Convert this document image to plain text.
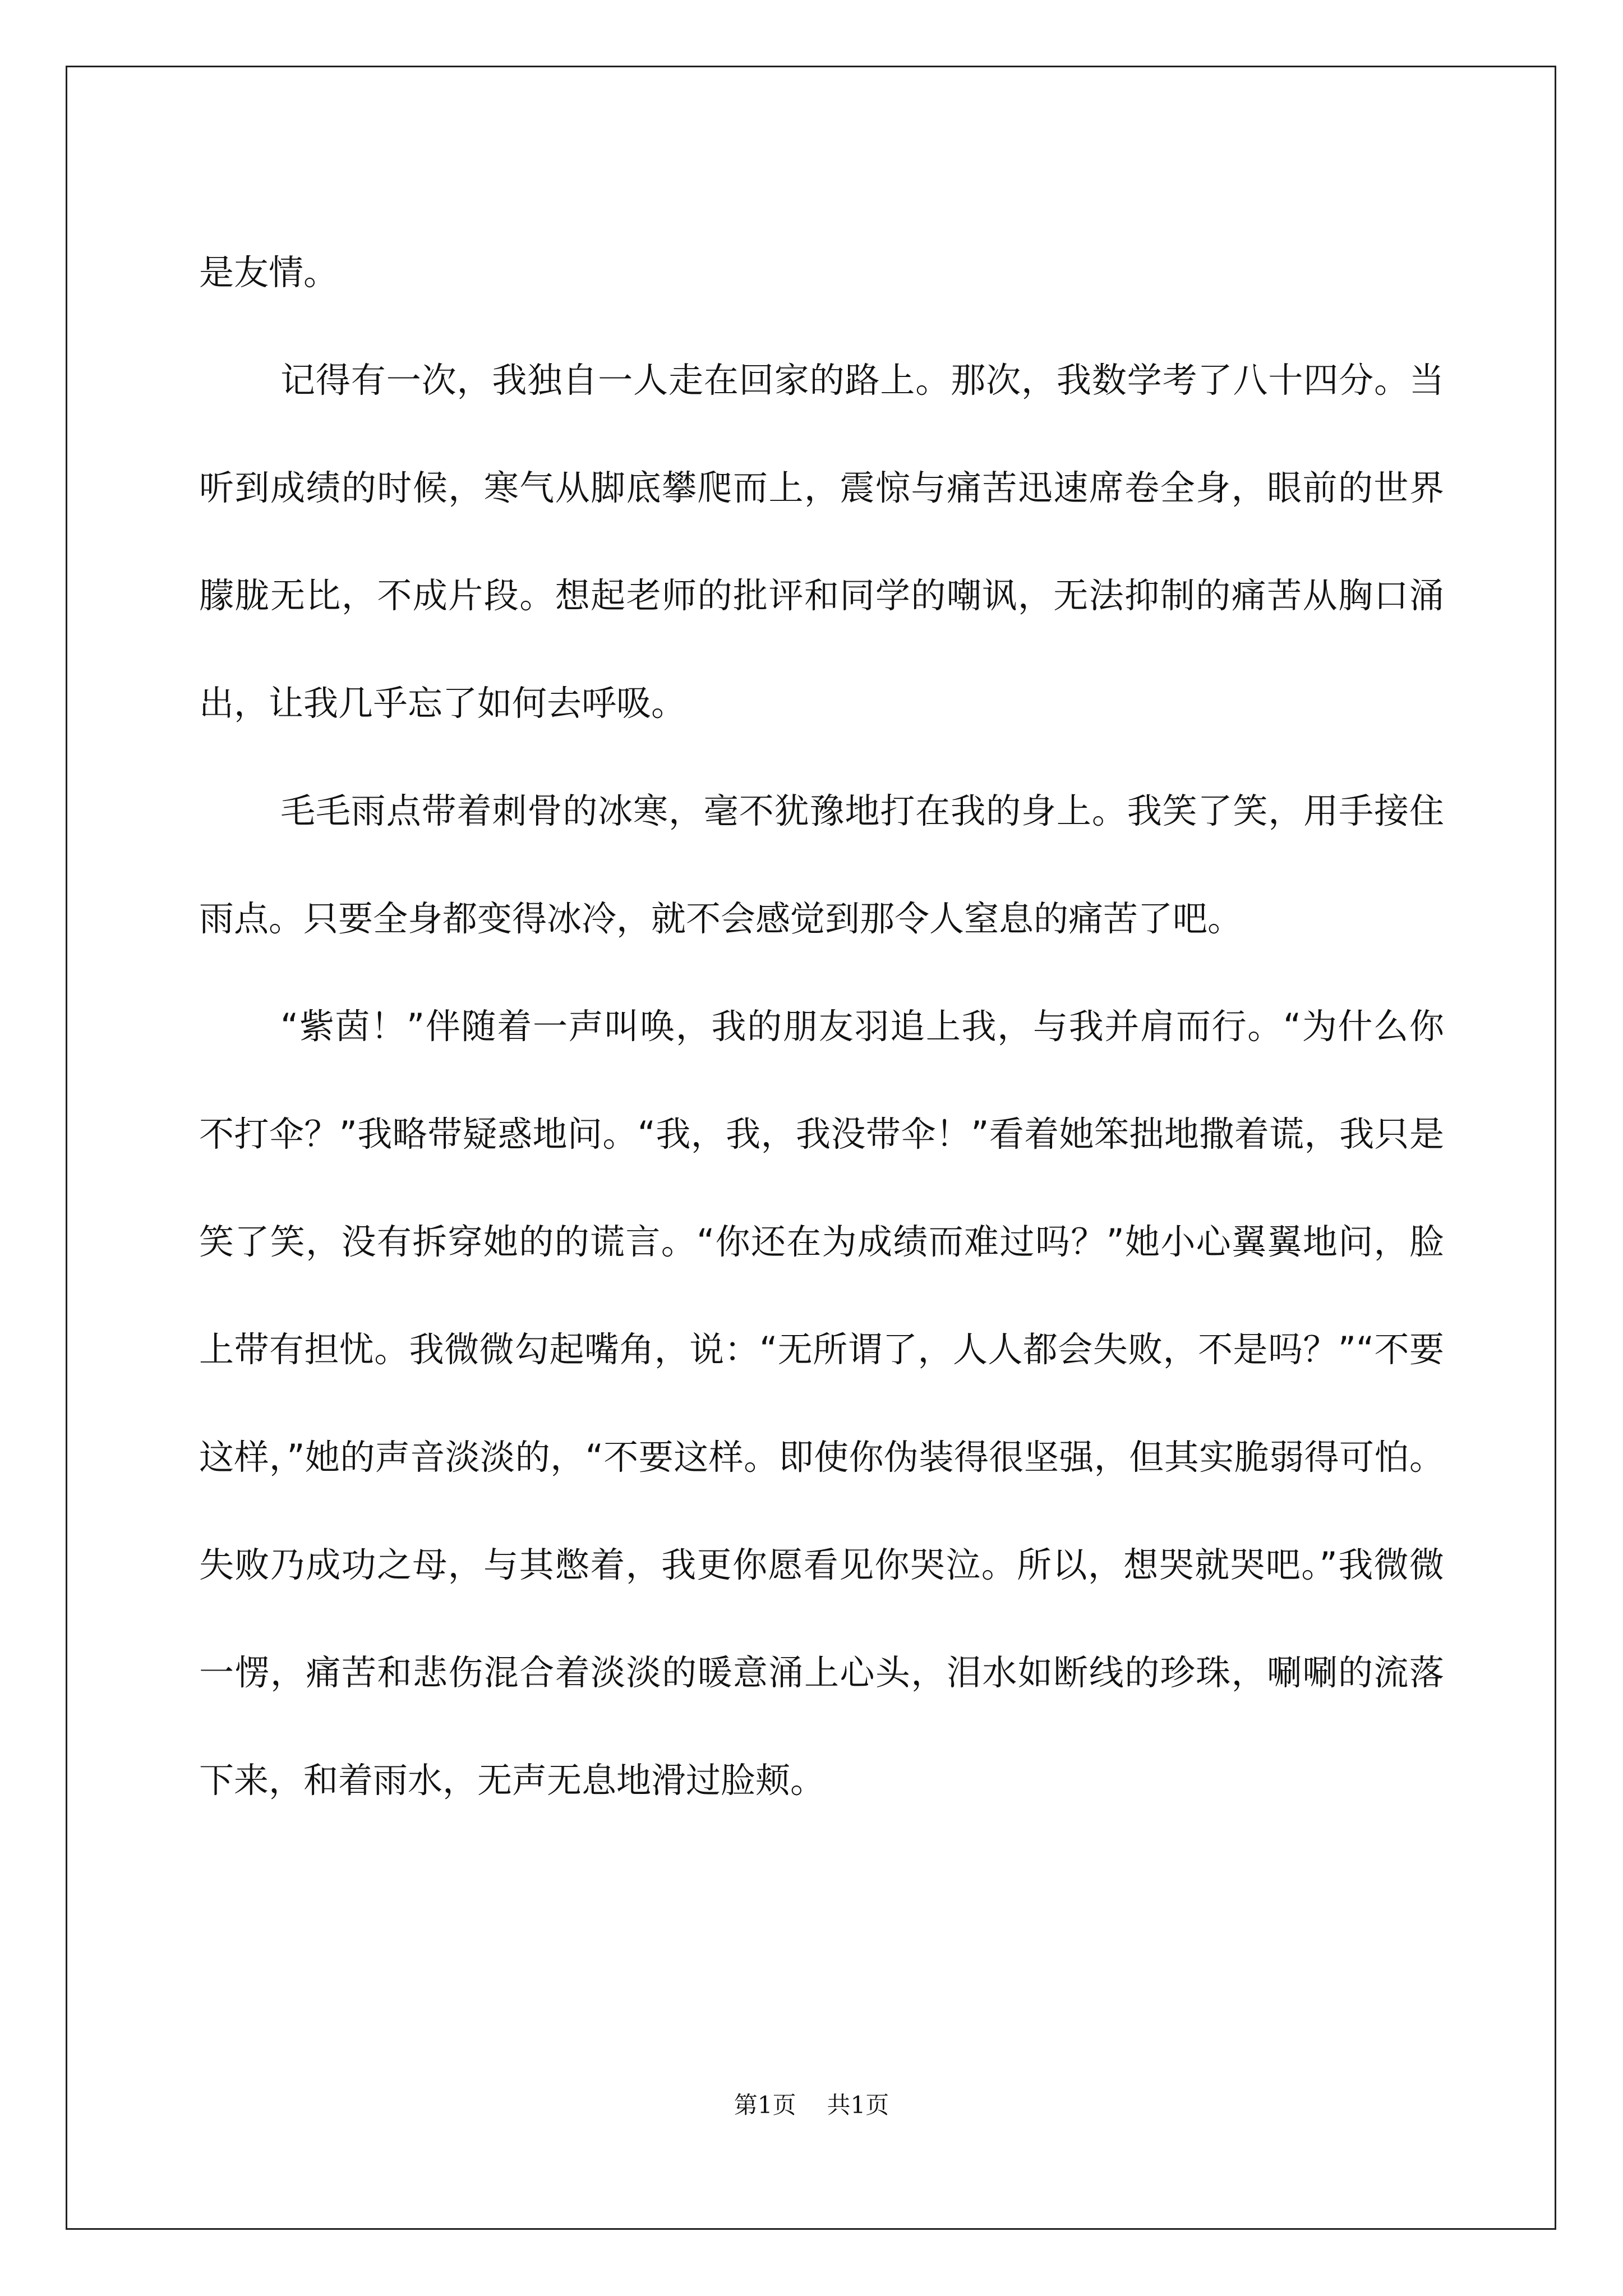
是友情。

记得有一次，我独自一人走在回家的路上。那次，我数学考了八十四分。当听到成绩的时候，寒气从脚底攀爬而上，震惊与痛苦迅速席卷全身，眼前的世界朦胧无比，不成片段。想起老师的批评和同学的嘲讽，无法抑制的痛苦从胸口涌出，让我几乎忘了如何去呼吸。

毛毛雨点带着刺骨的冰寒，毫不犹豫地打在我的身上。我笑了笑，用手接住雨点。只要全身都变得冰冷，就不会感觉到那令人窒息的痛苦了吧。

“紫茵！”伴随着一声叫唤，我的朋友羽追上我，与我并肩而行。“为什么你不打伞？”我略带疑惑地问。“我，我，我没带伞！”看着她笨拙地撒着谎，我只是笑了笑，没有拆穿她的的谎言。“你还在为成绩而难过吗？”她小心翼翼地问，脸上带有担忧。我微微勾起嘴角，说：“无所谓了，人人都会失败，不是吗？”“不要这样，”她的声音淡淡的，“不要这样。即使你伪装得很坚强，但其实脆弱得可怕。失败乃成功之母，与其憋着，我更你愿看见你哭泣。所以，想哭就哭吧。”我微微一愣，痛苦和悲伤混合着淡淡的暖意涌上心头，泪水如断线的珍珠，唰唰的流落下来，和着雨水，无声无息地滑过脸颊。

第1页 共1页
